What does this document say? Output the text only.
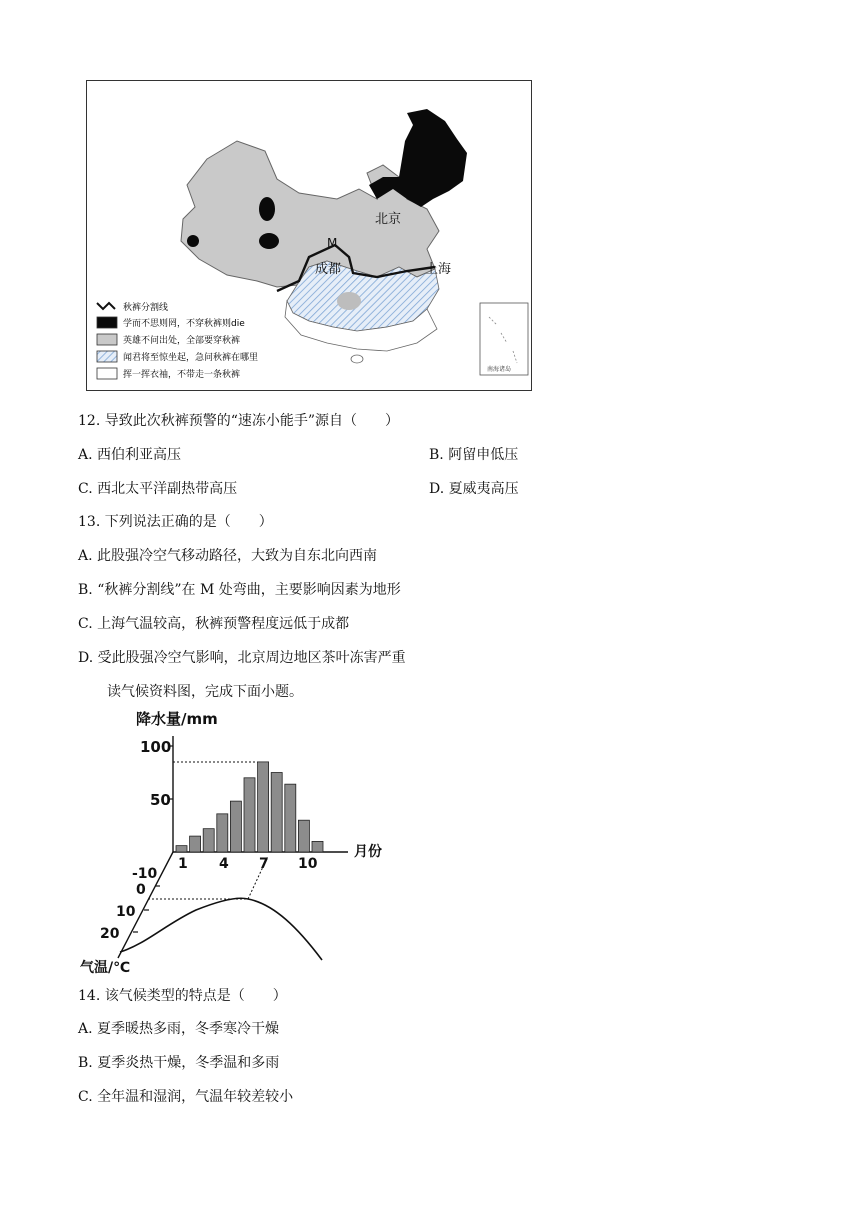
北京
上海
成都
M
南海诸岛
秋裤分割线
学而不思则罔，不穿秋裤则die
英雄不问出处，全部要穿秋裤
闻君将至惊坐起，急问秋裤在哪里
挥一挥衣袖，不带走一条秋裤
12. 导致此次秋裤预警的“速冻小能手”源自（　　）
A. 西伯利亚高压	B. 阿留申低压
C. 西北太平洋副热带高压	D. 夏威夷高压
13. 下列说法正确的是（　　）
A. 此股强冷空气移动路径，大致为自东北向西南
B. “秋裤分割线”在 M 处弯曲，主要影响因素为地形
C. 上海气温较高，秋裤预警程度远低于成都
D. 受此股强冷空气影响，北京周边地区茶叶冻害严重
读气候资料图，完成下面小题。
降水量/mm
月份
气温/℃
100
50
1 4 7 10
-10
0
10
20
14. 该气候类型的特点是（　　）
A. 夏季暖热多雨，冬季寒冷干燥
B. 夏季炎热干燥，冬季温和多雨
C. 全年温和湿润，气温年较差较小
